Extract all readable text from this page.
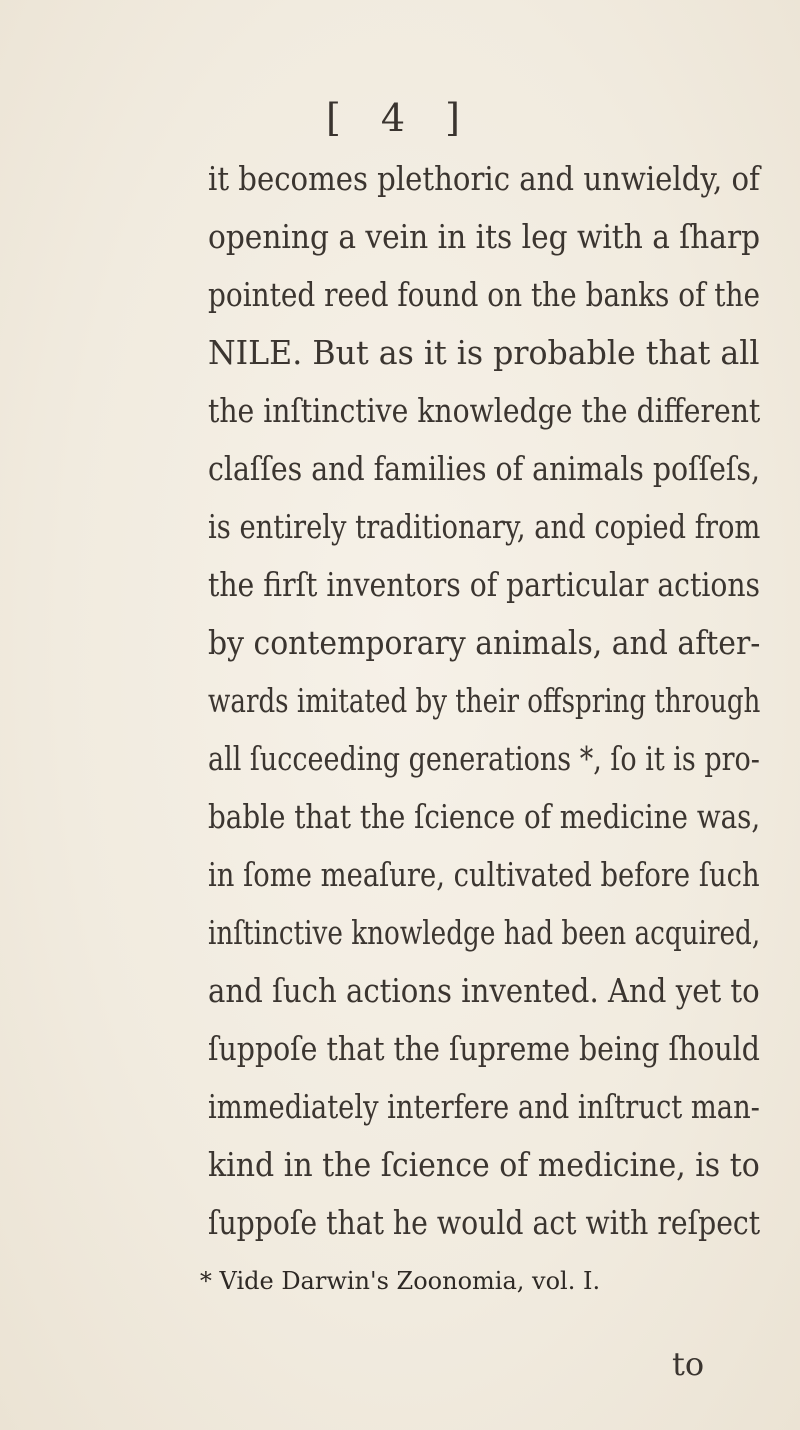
[ 4 ]
it becomes plethoric and unwieldy, of
opening a vein in its leg with a ſharp
pointed reed found on the banks of the
NILE. But as it is probable that all
the inſtinctive knowledge the different
claſſes and families of animals poſſeſs,
is entirely traditionary, and copied from
the firſt inventors of particular actions
by contemporary animals, and after-
wards imitated by their offspring through
all ſucceeding generations *, ſo it is pro-
bable that the ſcience of medicine was,
in ſome meaſure, cultivated before ſuch
inſtinctive knowledge had been acquired,
and ſuch actions invented. And yet to
ſuppoſe that the ſupreme being ſhould
immediately interfere and inſtruct man-
kind in the ſcience of medicine, is to
ſuppoſe that he would act with reſpect
* Vide Darwin's Zoonomia, vol. I.
to
